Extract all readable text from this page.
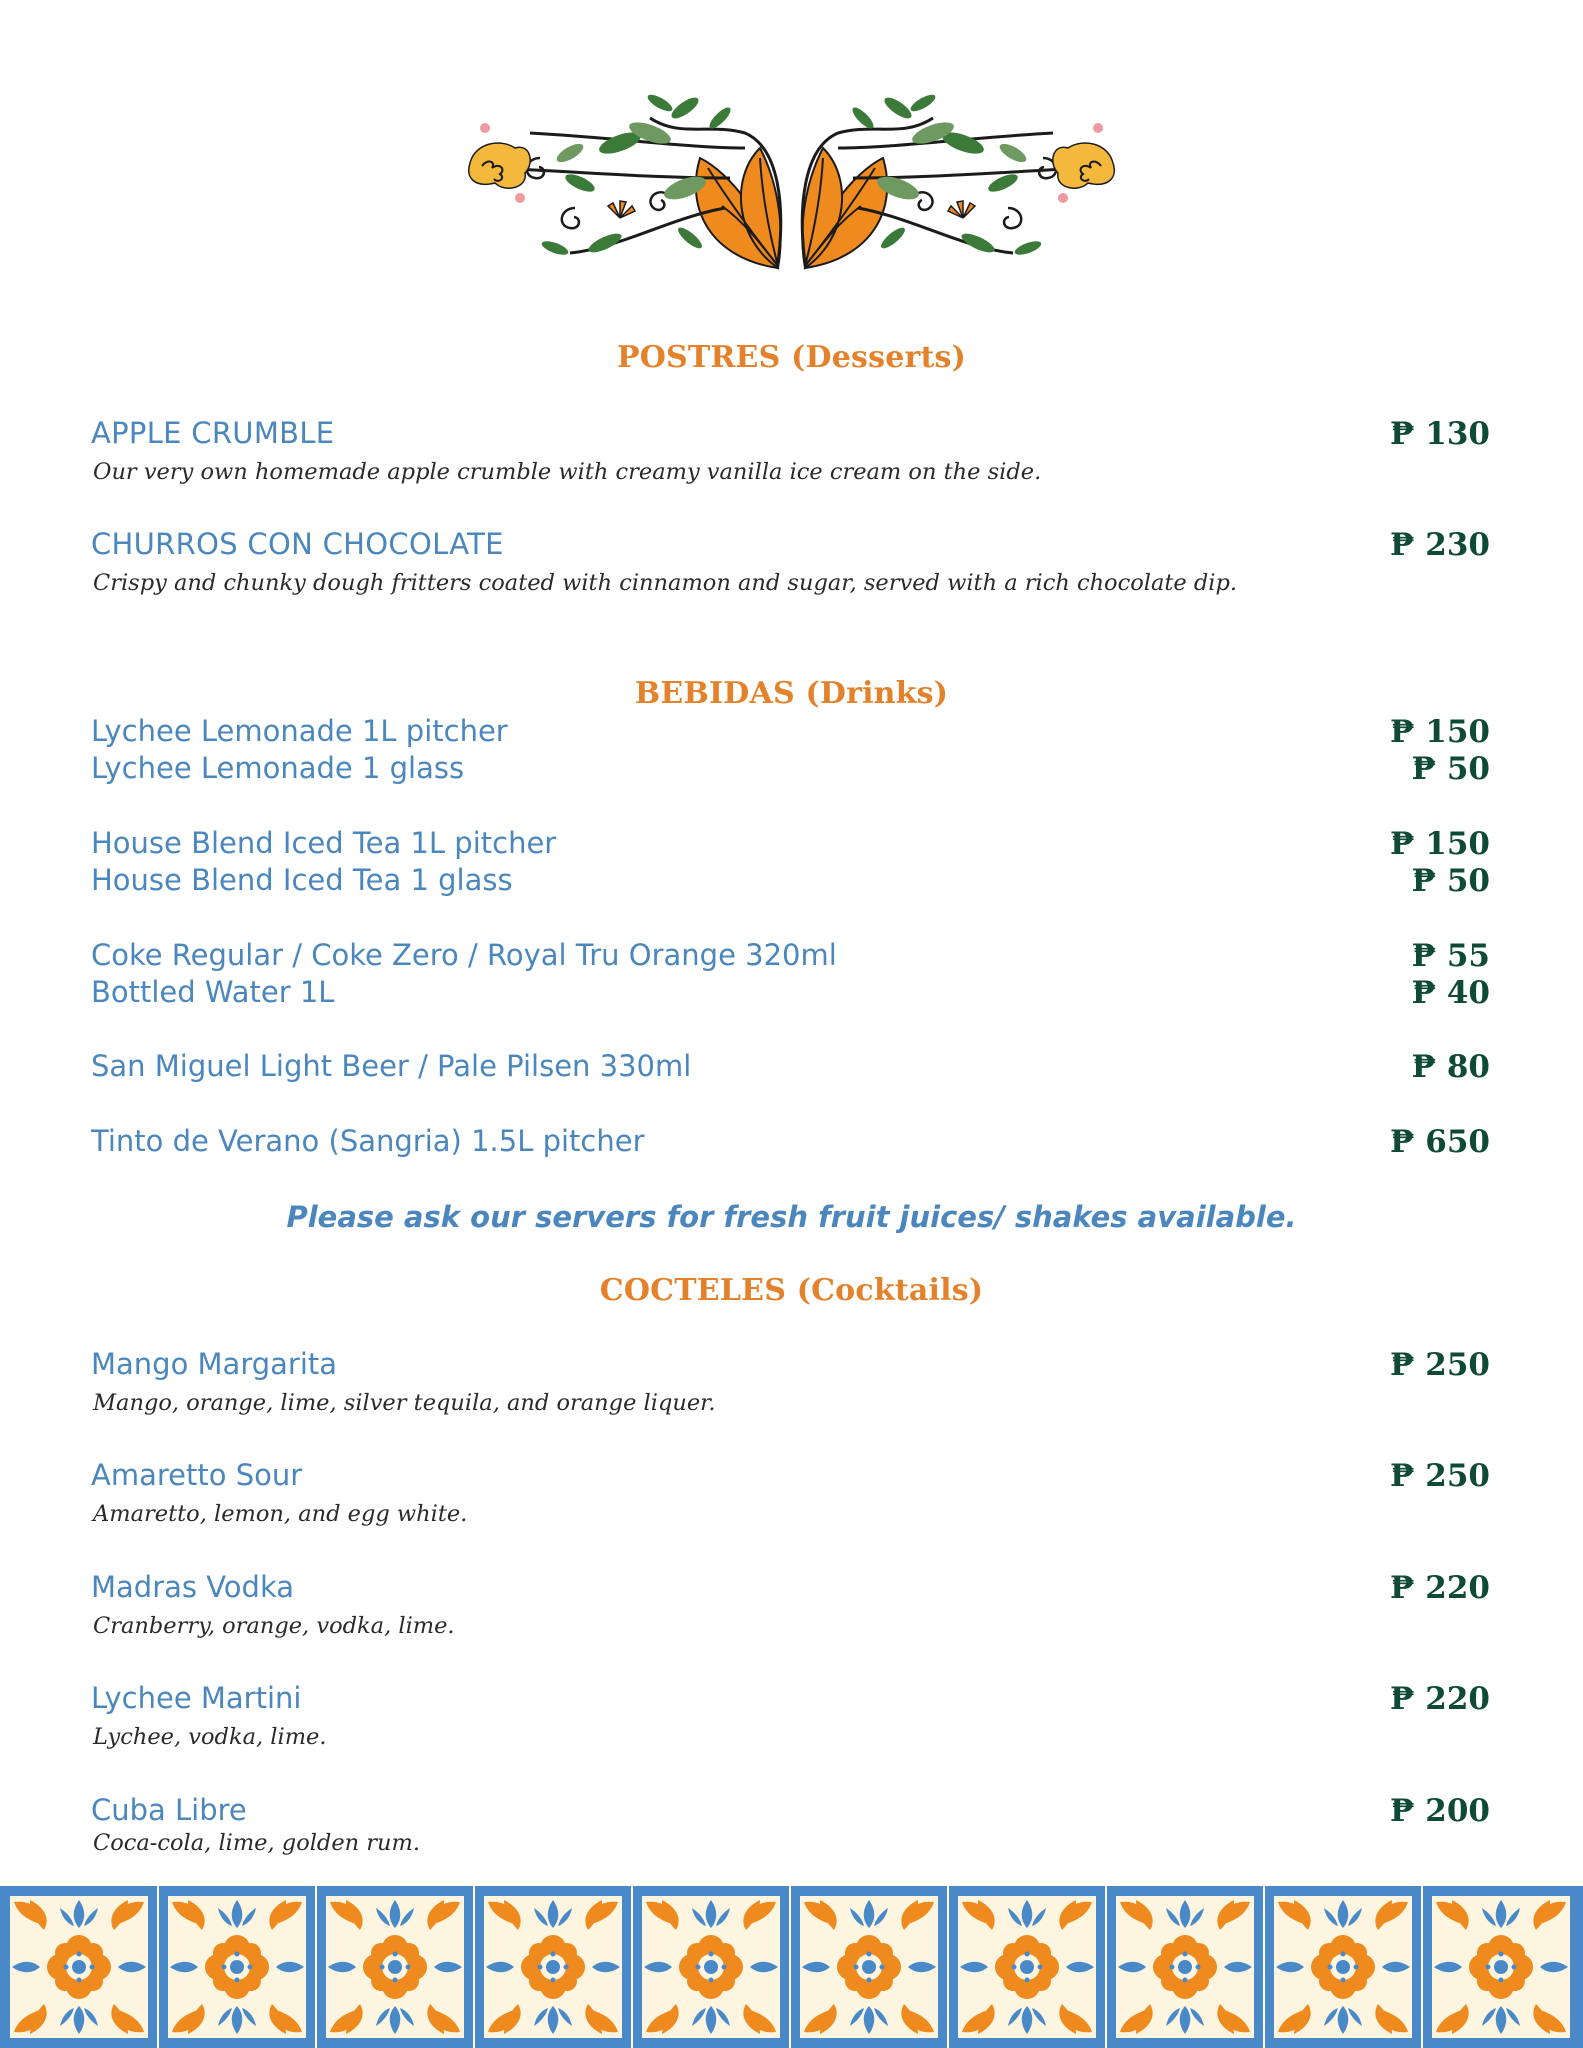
POSTRES (Desserts)
APPLE CRUMBLE	₱ 130
Our very own homemade apple crumble with creamy vanilla ice cream on the side.
CHURROS CON CHOCOLATE	₱ 230
Crispy and chunky dough fritters coated with cinnamon and sugar, served with a rich chocolate dip.
BEBIDAS (Drinks)
Lychee Lemonade 1L pitcher	₱ 150
Lychee Lemonade 1 glass	₱ 50
House Blend Iced Tea 1L pitcher	₱ 150
House Blend Iced Tea 1 glass	₱ 50
Coke Regular / Coke Zero / Royal Tru Orange 320ml	₱ 55
Bottled Water 1L	₱ 40
San Miguel Light Beer / Pale Pilsen 330ml	₱ 80
Tinto de Verano (Sangria) 1.5L pitcher	₱ 650
Please ask our servers for fresh fruit juices/ shakes available.
COCTELES (Cocktails)
Mango Margarita	₱ 250
Mango, orange, lime, silver tequila, and orange liquer.
Amaretto Sour	₱ 250
Amaretto, lemon, and egg white.
Madras Vodka	₱ 220
Cranberry, orange, vodka, lime.
Lychee Martini	₱ 220
Lychee, vodka, lime.
Cuba Libre	₱ 200
Coca-cola, lime, golden rum.
